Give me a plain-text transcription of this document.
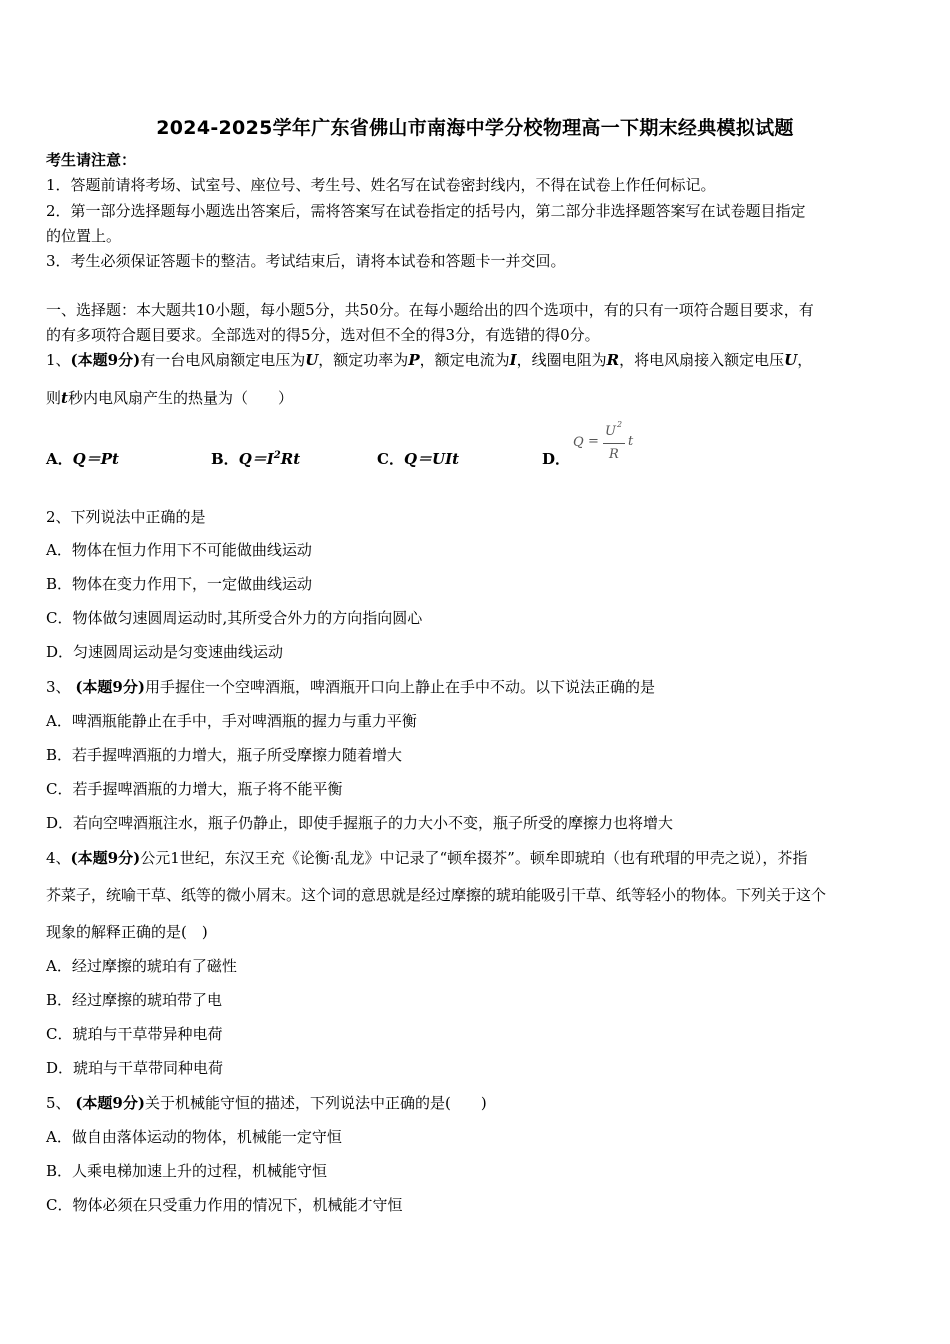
2024-2025学年广东省佛山市南海中学分校物理高一下期末经典模拟试题
考生请注意：
1．答题前请将考场、试室号、座位号、考生号、姓名写在试卷密封线内，不得在试卷上作任何标记。
2．第一部分选择题每小题选出答案后，需将答案写在试卷指定的括号内，第二部分非选择题答案写在试卷题目指定
的位置上。
3．考生必须保证答题卡的整洁。考试结束后，请将本试卷和答题卡一并交回。
一、选择题：本大题共10小题，每小题5分，共50分。在每小题给出的四个选项中，有的只有一项符合题目要求，有
的有多项符合题目要求。全部选对的得5分，选对但不全的得3分，有选错的得0分。
1、(本题9分)有一台电风扇额定电压为U，额定功率为P，额定电流为I，线圈电阻为R，将电风扇接入额定电压U，
则t秒内电风扇产生的热量为（　　）
A．Q＝Pt	B．$Q=I^2Rt$	C．Q＝UIt	D．
Q =
U 2
R
t
2、下列说法中正确的是
A．物体在恒力作用下不可能做曲线运动
B．物体在变力作用下，一定做曲线运动
C．物体做匀速圆周运动时,其所受合外力的方向指向圆心
D．匀速圆周运动是匀变速曲线运动
3、 (本题9分)用手握住一个空啤酒瓶，啤酒瓶开口向上静止在手中不动。以下说法正确的是
A．啤酒瓶能静止在手中，手对啤酒瓶的握力与重力平衡
B．若手握啤酒瓶的力增大，瓶子所受摩擦力随着增大
C．若手握啤酒瓶的力增大，瓶子将不能平衡
D．若向空啤酒瓶注水，瓶子仍静止，即使手握瓶子的力大小不变，瓶子所受的摩擦力也将增大
4、(本题9分)公元1世纪，东汉王充《论衡·乱龙》中记录了“顿牟掇芥”。顿牟即琥珀（也有玳瑁的甲壳之说），芥指
芥菜子，统喻干草、纸等的微小屑末。这个词的意思就是经过摩擦的琥珀能吸引干草、纸等轻小的物体。下列关于这个
现象的解释正确的是(　)
A．经过摩擦的琥珀有了磁性
B．经过摩擦的琥珀带了电
C．琥珀与干草带异种电荷
D．琥珀与干草带同种电荷
5、 (本题9分)关于机械能守恒的描述，下列说法中正确的是(　　)
A．做自由落体运动的物体，机械能一定守恒
B．人乘电梯加速上升的过程，机械能守恒
C．物体必须在只受重力作用的情况下，机械能才守恒
